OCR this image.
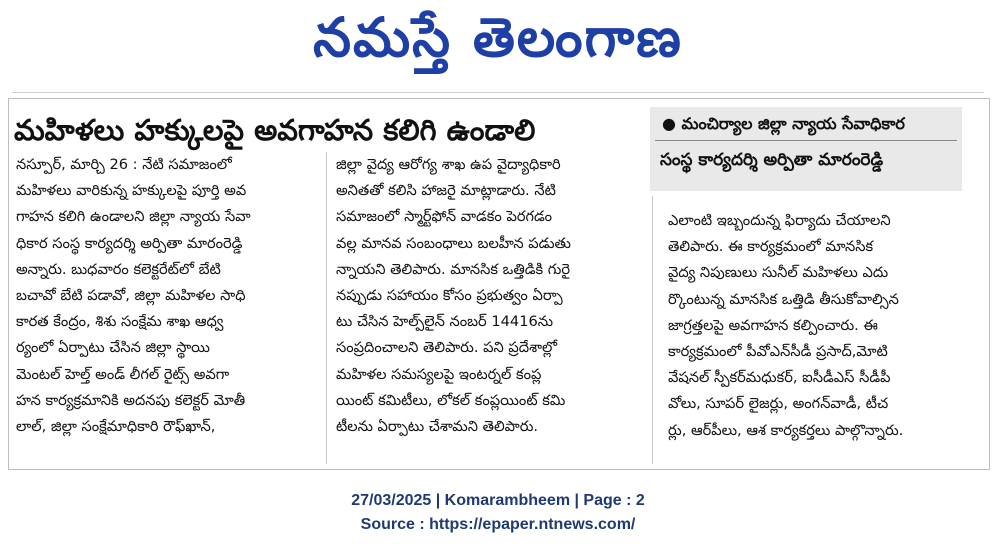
నమస్తే తెలంగాణ
మహిళలు హక్కులపై అవగాహన కలిగి ఉండాలి	● మంచిర్యాల జిల్లా న్యాయ సేవాధికార
సంస్థ కార్యదర్శి అర్పితా మారంరెడ్డి

నస్పూర్, మార్చి 26 : నేటి సమాజంలో

మహిళలు వారికున్న హక్కులపై పూర్తి అవ

గాహన కలిగి ఉండాలని జిల్లా న్యాయ సేవా

ధికార సంస్థ కార్యదర్శి అర్పితా మారంరెడ్డి

అన్నారు. బుధవారం కలెక్టరేట్‌లో బేటి

బచావో బేటి పడావో, జిల్లా మహిళల సాధి

కారత కేంద్రం, శిశు సంక్షేమ శాఖ ఆధ్వ

ర్యంలో ఏర్పాటు చేసిన జిల్లా స్థాయి

మెంటల్ హెల్త్ అండ్ లీగల్ రైట్స్ అవగా

హన కార్యక్రమానికి అదనపు కలెక్టర్ మోతీ

లాల్, జిల్లా సంక్షేమాధికారి రౌఫ్‌ఖాన్,

జిల్లా వైద్య ఆరోగ్య శాఖ ఉప వైద్యాధికారి

అనితతో కలిసి హాజరై మాట్లాడారు. నేటి

సమాజంలో స్మార్ట్‌ఫోన్ వాడకం పెరగడం

వల్ల మానవ సంబంధాలు బలహీన పడుతు

న్నాయని తెలిపారు. మానసిక ఒత్తిడికి గురై

నప్పుడు సహాయం కోసం ప్రభుత్వం ఏర్పా

టు చేసిన హెల్ప్‌లైన్ నంబర్ 14416ను

సంప్రదించాలని తెలిపారు. పని ప్రదేశాల్లో

మహిళల సమస్యలపై ఇంటర్నల్ కంప్ల

యింట్ కమిటీలు, లోకల్ కంప్లయింట్ కమి

టీలను ఏర్పాటు చేశామని తెలిపారు.

ఎలాంటి ఇబ్బందున్న ఫిర్యాదు చేయాలని

తెలిపారు. ఈ కార్యక్రమంలో మానసిక

వైద్య నిపుణులు సునీల్ మహిళలు ఎదు

ర్కొంటున్న మానసిక ఒత్తిడి తీసుకోవాల్సిన

జాగ్రత్తలపై అవగాహన కల్పించారు. ఈ

కార్యక్రమంలో పీవోఎన్‌సీడీ ప్రసాద్,మోటి

వేషనల్ స్పీకర్‌మధుకర్, ఐసీడీఎస్ సీడీపీ

వోలు, సూపర్ లైజర్లు, అంగన్‌వాడీ, టీచ

ర్లు, ఆర్‌పీలు, ఆశ కార్యకర్తలు పాల్గొన్నారు.

27/03/2025 | Komarambheem | Page : 2
Source : https://epaper.ntnews.com/
